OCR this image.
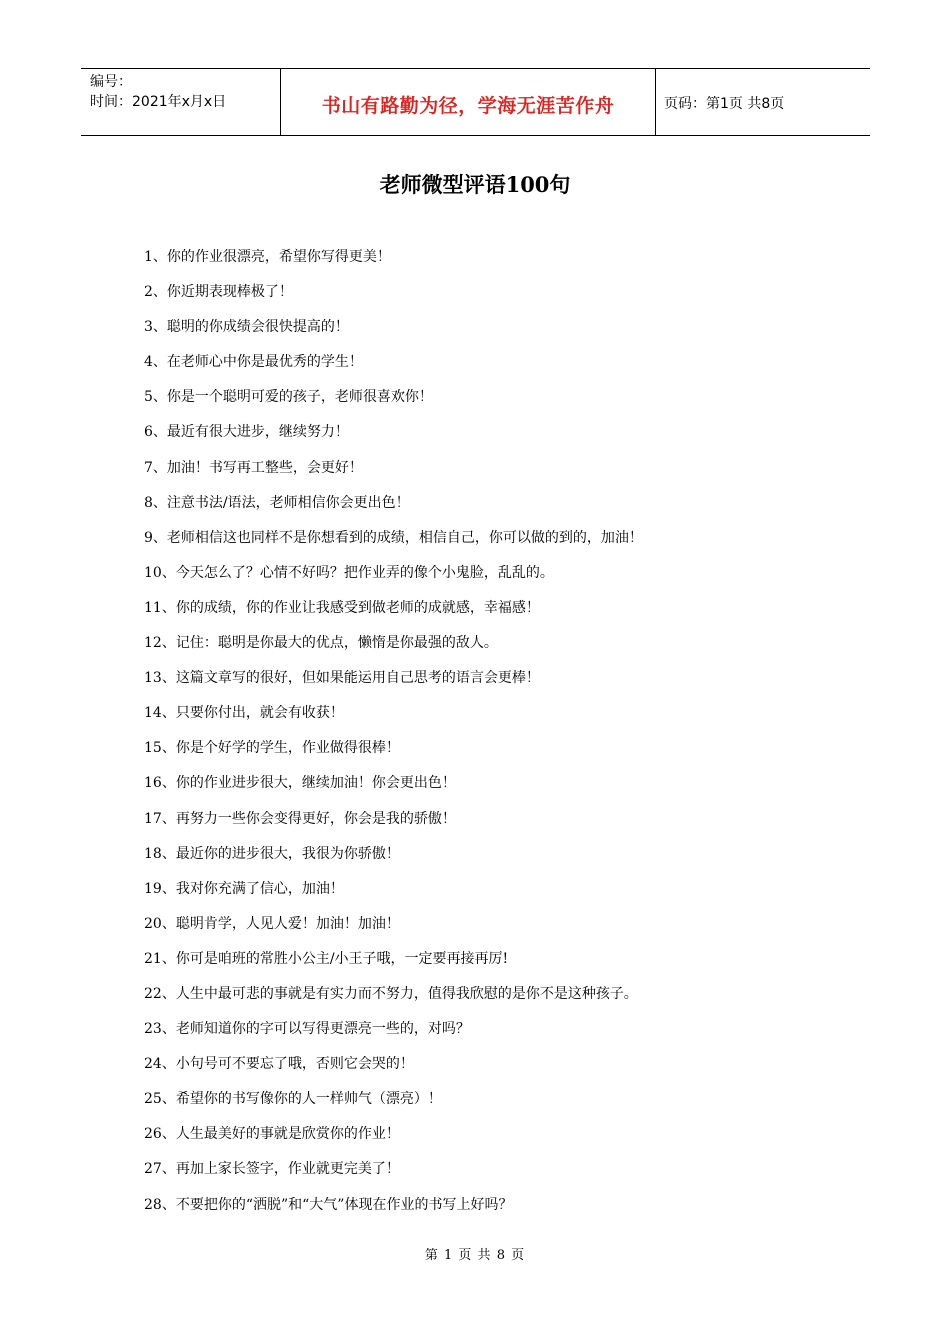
编号：
时间：2021年x月x日	书山有路勤为径，学海无涯苦作舟	页码：第1页 共8页
老师微型评语100句
1、你的作业很漂亮，希望你写得更美！
2、你近期表现棒极了！
3、聪明的你成绩会很快提高的！
4、在老师心中你是最优秀的学生！
5、你是一个聪明可爱的孩子，老师很喜欢你！
6、最近有很大进步，继续努力！
7、加油！书写再工整些，会更好！
8、注意书法/语法，老师相信你会更出色！
9、老师相信这也同样不是你想看到的成绩，相信自己，你可以做的到的，加油！
10、今天怎么了？心情不好吗？把作业弄的像个小鬼脸，乱乱的。
11、你的成绩，你的作业让我感受到做老师的成就感，幸福感！
12、记住：聪明是你最大的优点，懒惰是你最强的敌人。
13、这篇文章写的很好，但如果能运用自己思考的语言会更棒！
14、只要你付出，就会有收获！
15、你是个好学的学生，作业做得很棒！
16、你的作业进步很大，继续加油！你会更出色！
17、再努力一些你会变得更好，你会是我的骄傲！
18、最近你的进步很大，我很为你骄傲！
19、我对你充满了信心，加油！
20、聪明肯学，人见人爱！加油！加油！
21、你可是咱班的常胜小公主/小王子哦，一定要再接再厉!
22、人生中最可悲的事就是有实力而不努力，值得我欣慰的是你不是这种孩子。
23、老师知道你的字可以写得更漂亮一些的，对吗？
24、小句号可不要忘了哦，否则它会哭的！
25、希望你的书写像你的人一样帅气（漂亮）！
26、人生最美好的事就是欣赏你的作业！
27、再加上家长签字，作业就更完美了！
28、不要把你的“洒脱”和“大气”体现在作业的书写上好吗？
第 1 页 共 8 页
